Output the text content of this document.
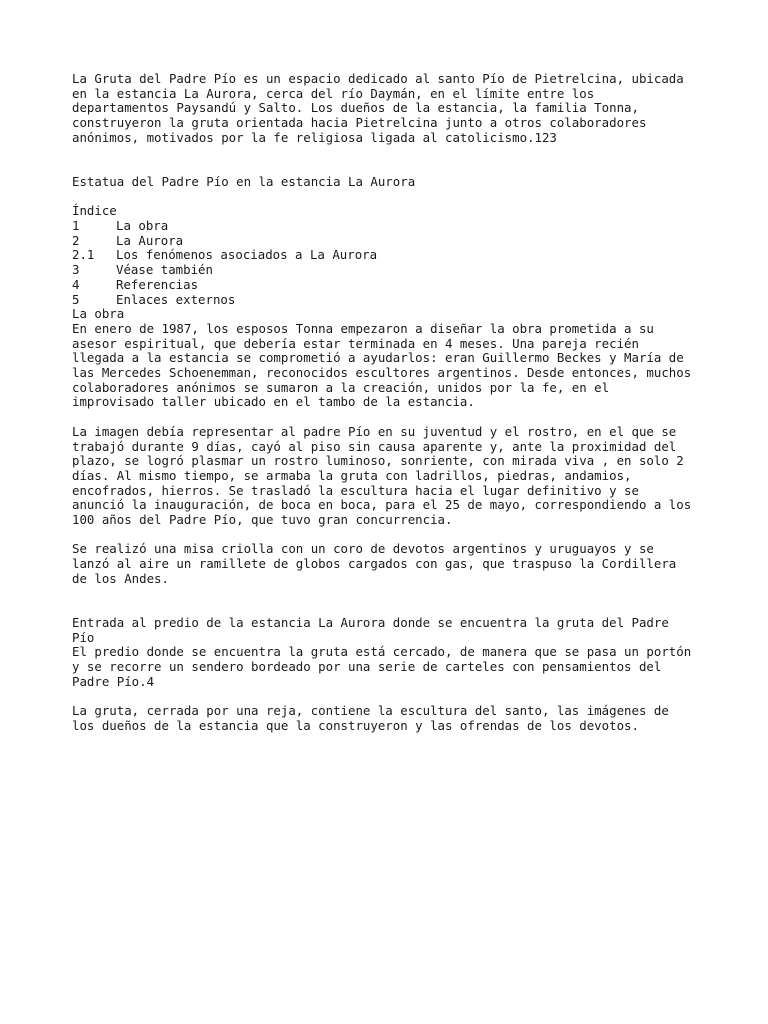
La Gruta del Padre Pío es un espacio dedicado al santo Pío de Pietrelcina, ubicada
en la estancia La Aurora, cerca del río Daymán, en el límite entre los
departamentos Paysandú y Salto. Los dueños de la estancia, la familia Tonna,
construyeron la gruta orientada hacia Pietrelcina junto a otros colaboradores
anónimos, motivados por la fe religiosa ligada al catolicismo.123

Estatua del Padre Pío en la estancia La Aurora

Índice
1	La obra
2	La Aurora
2.1	Los fenómenos asociados a La Aurora
3	Véase también
4	Referencias
5	Enlaces externos
La obra

En enero de 1987, los esposos Tonna empezaron a diseñar la obra prometida a su
asesor espiritual, que debería estar terminada en 4 meses. Una pareja recién
llegada a la estancia se comprometió a ayudarlos: eran Guillermo Beckes y María de
las Mercedes Schoenemman, reconocidos escultores argentinos. Desde entonces, muchos
colaboradores anónimos se sumaron a la creación, unidos por la fe, en el
improvisado taller ubicado en el tambo de la estancia.

La imagen debía representar al padre Pío en su juventud y el rostro, en el que se
trabajó durante 9 días, cayó al piso sin causa aparente y, ante la proximidad del
plazo, se logró plasmar un rostro luminoso, sonriente, con mirada viva , en solo 2
días. Al mismo tiempo, se armaba la gruta con ladrillos, piedras, andamios,
encofrados, hierros. Se trasladó la escultura hacia el lugar definitivo y se
anunció la inauguración, de boca en boca, para el 25 de mayo, correspondiendo a los
100 años del Padre Pío, que tuvo gran concurrencia.

Se realizó una misa criolla con un coro de devotos argentinos y uruguayos y se
lanzó al aire un ramillete de globos cargados con gas, que traspuso la Cordillera
de los Andes.

Entrada al predio de la estancia La Aurora donde se encuentra la gruta del Padre
Pío

El predio donde se encuentra la gruta está cercado, de manera que se pasa un portón
y se recorre un sendero bordeado por una serie de carteles con pensamientos del
Padre Pío.4

La gruta, cerrada por una reja, contiene la escultura del santo, las imágenes de
los dueños de la estancia que la construyeron y las ofrendas de los devotos.
